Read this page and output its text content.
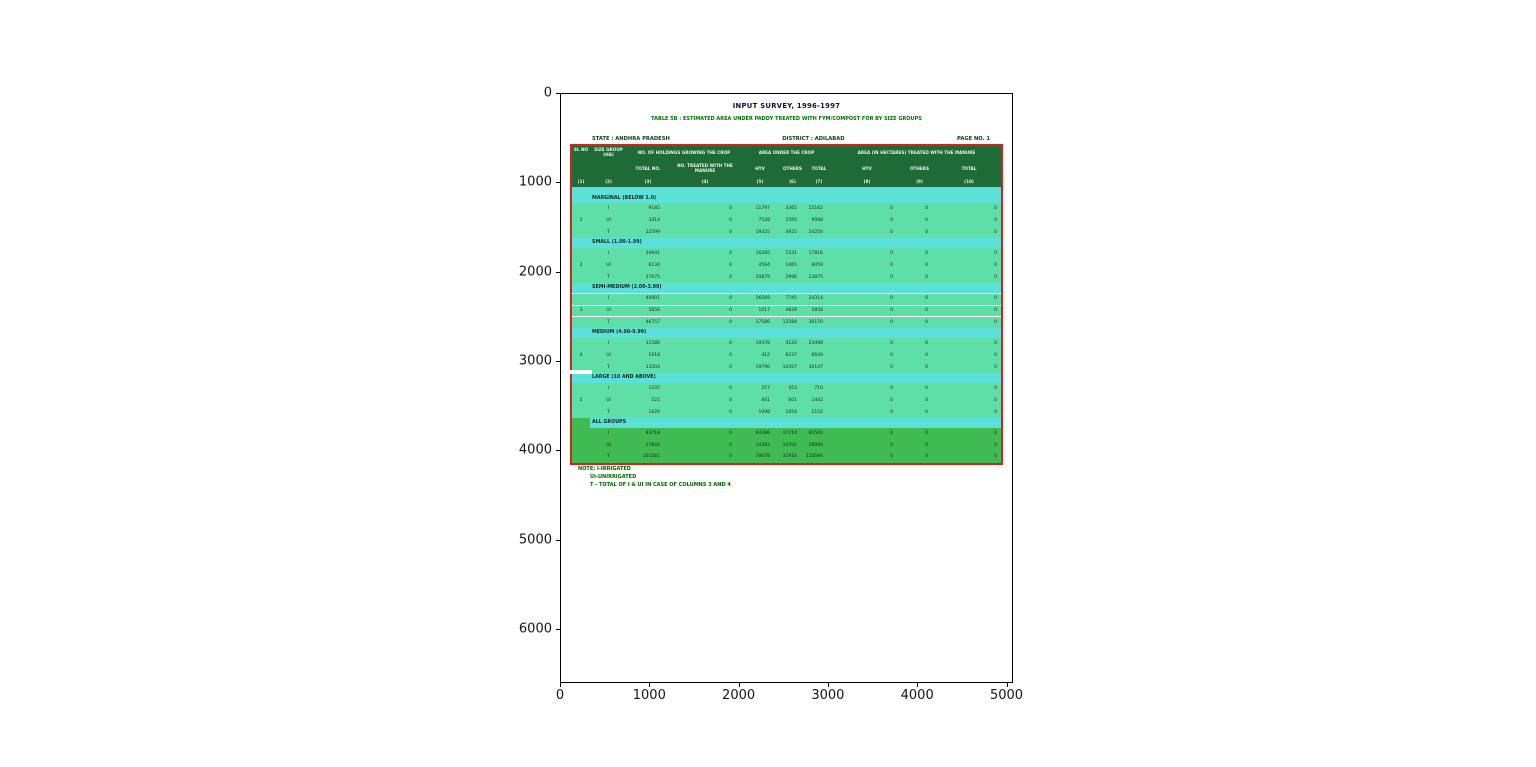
0	1000	2000	3000	4000	5000
0
1000
2000
3000
4000
5000
6000
INPUT SURVEY, 1996-1997
TABLE 5B : ESTIMATED AREA UNDER PADDY TREATED WITH FYM/COMPOST FOR BY SIZE GROUPS
STATE : ANDHRA PRADESH	DISTRICT : ADILABAD	PAGE NO. 1
SL NO	SIZE GROUP (HA)	NO. OF HOLDINGS GROWING THE CROP
TOTAL NO.	NO. TREATED WITH THE MANURE
AREA UNDER THE CROP
HYV	OTHERS	TOTAL
AREA (IN HECTARES) TREATED WITH THE MANURE
HYV	OTHERS	TOTAL
(1)	(2)	(3)	(4)	(5)	(6)	(7)	(8)	(9)	(10)
MARGINAL (BELOW 1.0)
1
I	9185	0	11797	3365	15162	0	0	0
UI	3414	0	7528	1560	9088	0	0	0
T	12599	0	19325	4925	24250	0	0	0
SMALL (1.00-1.99)
2
I	20941	0	16285	1531	17816	0	0	0
UI	6134	0	4594	1465	6059	0	0	0
T	27075	0	20879	2996	23875	0	0	0
SEMI-MEDIUM (2.00-3.99)
3
I	40901	0	16569	7745	24314	0	0	0
UI	5856	0	1017	4839	5856	0	0	0
T	46757	0	17586	12584	30170	0	0	0
MEDIUM (4.00-9.99)
4
I	11586	0	19378	4120	23498	0	0	0
UI	1918	0	412	6237	6649	0	0	0
T	13504	0	19790	10357	30147	0	0	0
LARGE (10 AND ABOVE)
5
I	1105	0	257	453	710	0	0	0
UI	521	0	841	601	1442	0	0	0
T	1626	0	1098	1054	2152	0	0	0
ALL GROUPS
I	83718	0	64286	17214	81500	0	0	0
UI	17843	0	14392	14702	29094	0	0	0
T	101561	0	78678	31916	110594	0	0	0
NOTE: I-IRRIGATED
UI-UNIRRIGATED
T - TOTAL OF I & UI IN CASE OF COLUMNS 3 AND 4
